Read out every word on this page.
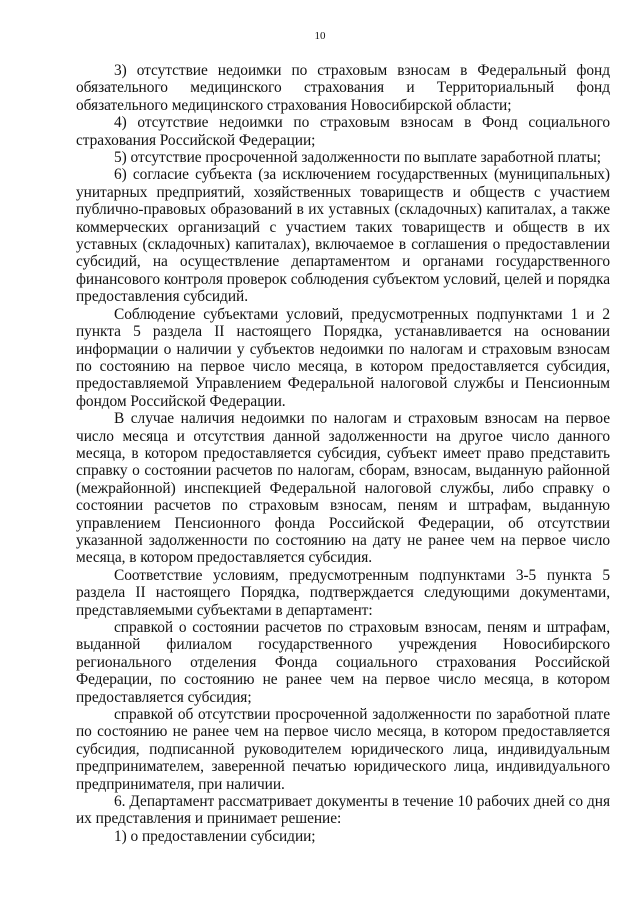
10

3) отсутствие недоимки по страховым взносам в Федеральный фонд обязательного медицинского страхования и Территориальный фонд обязательного медицинского страхования Новосибирской области;

4) отсутствие недоимки по страховым взносам в Фонд социального страхования Российской Федерации;

5) отсутствие просроченной задолженности по выплате заработной платы;

6) согласие субъекта (за исключением государственных (муниципальных) унитарных предприятий, хозяйственных товариществ и обществ с участием публично-правовых образований в их уставных (складочных) капиталах, а также коммерческих организаций с участием таких товариществ и обществ в их уставных (складочных) капиталах), включаемое в соглашения о предоставлении субсидий, на осуществление департаментом и органами государственного финансового контроля проверок соблюдения субъектом условий, целей и порядка предоставления субсидий.

Соблюдение субъектами условий, предусмотренных подпунктами 1 и 2 пункта 5 раздела II настоящего Порядка, устанавливается на основании информации о наличии у субъектов недоимки по налогам и страховым взносам по состоянию на первое число месяца, в котором предоставляется субсидия, предоставляемой Управлением Федеральной налоговой службы и Пенсионным фондом Российской Федерации.

В случае наличия недоимки по налогам и страховым взносам на первое число месяца и отсутствия данной задолженности на другое число данного месяца, в котором предоставляется субсидия, субъект имеет право представить справку о состоянии расчетов по налогам, сборам, взносам, выданную районной (межрайонной) инспекцией Федеральной налоговой службы, либо справку о состоянии расчетов по страховым взносам, пеням и штрафам, выданную управлением Пенсионного фонда Российской Федерации, об отсутствии указанной задолженности по состоянию на дату не ранее чем на первое число месяца, в котором предоставляется субсидия.

Соответствие условиям, предусмотренным подпунктами 3-5 пункта 5 раздела II настоящего Порядка, подтверждается следующими документами, представляемыми субъектами в департамент:

справкой о состоянии расчетов по страховым взносам, пеням и штрафам, выданной филиалом государственного учреждения Новосибирского регионального отделения Фонда социального страхования Российской Федерации, по состоянию не ранее чем на первое число месяца, в котором предоставляется субсидия;

справкой об отсутствии просроченной задолженности по заработной плате по состоянию не ранее чем на первое число месяца, в котором предоставляется субсидия, подписанной руководителем юридического лица, индивидуальным предпринимателем, заверенной печатью юридического лица, индивидуального предпринимателя, при наличии.

6. Департамент рассматривает документы в течение 10 рабочих дней со дня их представления и принимает решение:

1) о предоставлении субсидии;
